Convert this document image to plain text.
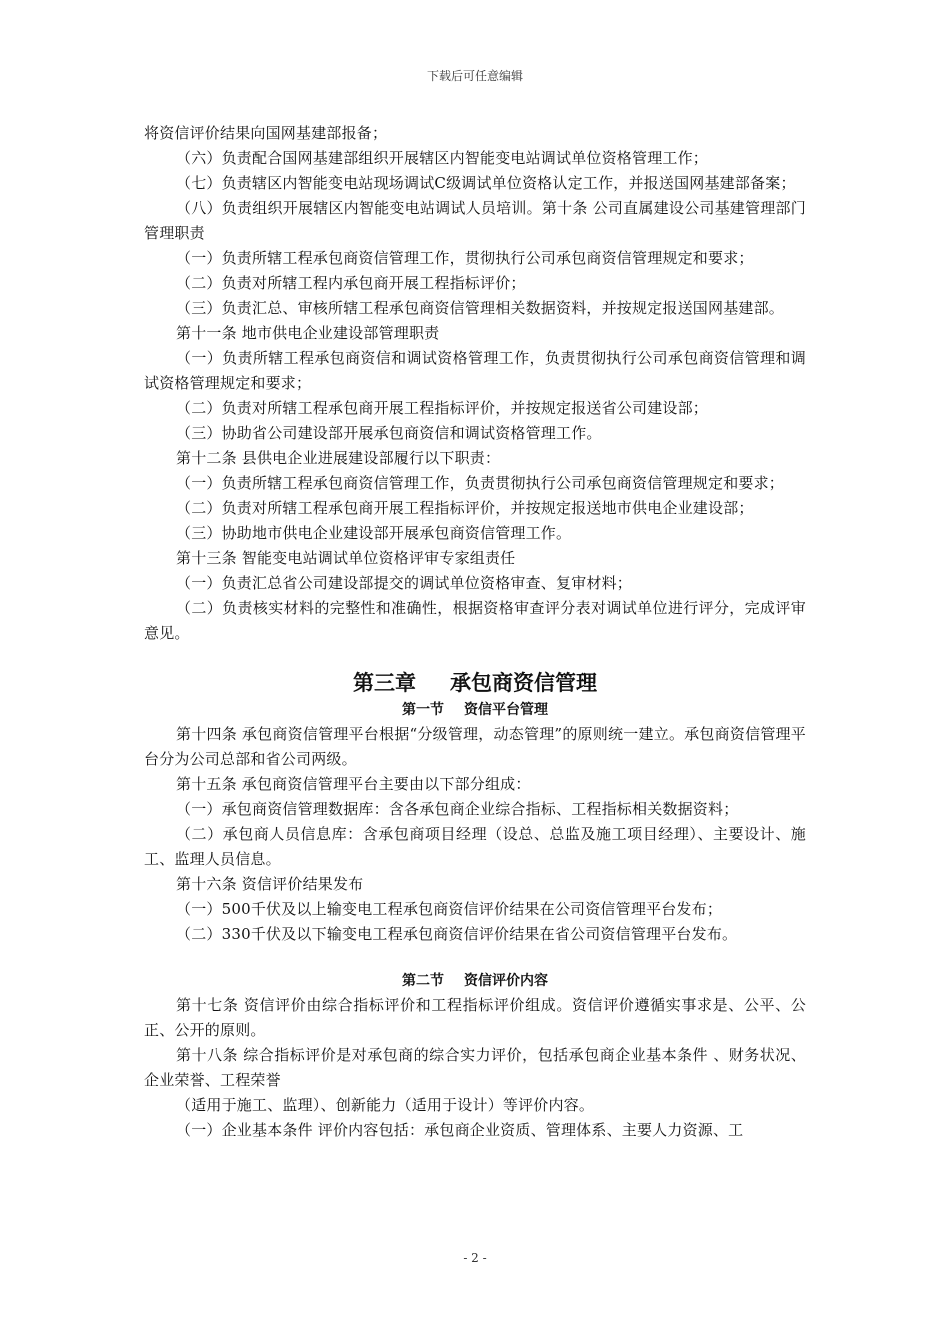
下载后可任意编辑

将资信评价结果向国网基建部报备；

（六）负责配合国网基建部组织开展辖区内智能变电站调试单位资格管理工作；

（七）负责辖区内智能变电站现场调试C级调试单位资格认定工作，并报送国网基建部备案；

（八）负责组织开展辖区内智能变电站调试人员培训。第十条 公司直属建设公司基建管理部门管理职责

（一）负责所辖工程承包商资信管理工作，贯彻执行公司承包商资信管理规定和要求；

（二）负责对所辖工程内承包商开展工程指标评价；

（三）负责汇总、审核所辖工程承包商资信管理相关数据资料，并按规定报送国网基建部。

第十一条 地市供电企业建设部管理职责

（一）负责所辖工程承包商资信和调试资格管理工作，负责贯彻执行公司承包商资信管理和调试资格管理规定和要求；

（二）负责对所辖工程承包商开展工程指标评价，并按规定报送省公司建设部；

（三）协助省公司建设部开展承包商资信和调试资格管理工作。

第十二条 县供电企业进展建设部履行以下职责：

（一）负责所辖工程承包商资信管理工作，负责贯彻执行公司承包商资信管理规定和要求；

（二）负责对所辖工程承包商开展工程指标评价，并按规定报送地市供电企业建设部；

（三）协助地市供电企业建设部开展承包商资信管理工作。

第十三条 智能变电站调试单位资格评审专家组责任

（一）负责汇总省公司建设部提交的调试单位资格审查、复审材料；

（二）负责核实材料的完整性和准确性，根据资格审查评分表对调试单位进行评分，完成评审意见。

第三章 承包商资信管理
第一节 资信平台管理

第十四条 承包商资信管理平台根据“分级管理，动态管理”的原则统一建立。承包商资信管理平台分为公司总部和省公司两级。

第十五条 承包商资信管理平台主要由以下部分组成：

（一）承包商资信管理数据库：含各承包商企业综合指标、工程指标相关数据资料；

（二）承包商人员信息库：含承包商项目经理（设总、总监及施工项目经理）、主要设计、施工、监理人员信息。

第十六条 资信评价结果发布

（一）500千伏及以上输变电工程承包商资信评价结果在公司资信管理平台发布；

（二）330千伏及以下输变电工程承包商资信评价结果在省公司资信管理平台发布。

第二节 资信评价内容

第十七条 资信评价由综合指标评价和工程指标评价组成。资信评价遵循实事求是、公平、公正、公开的原则。

第十八条 综合指标评价是对承包商的综合实力评价，包括承包商企业基本条件 、财务状况、企业荣誉、工程荣誉

（适用于施工、监理）、创新能力（适用于设计）等评价内容。

（一）企业基本条件 评价内容包括：承包商企业资质、管理体系、主要人力资源、工

- 2 -
